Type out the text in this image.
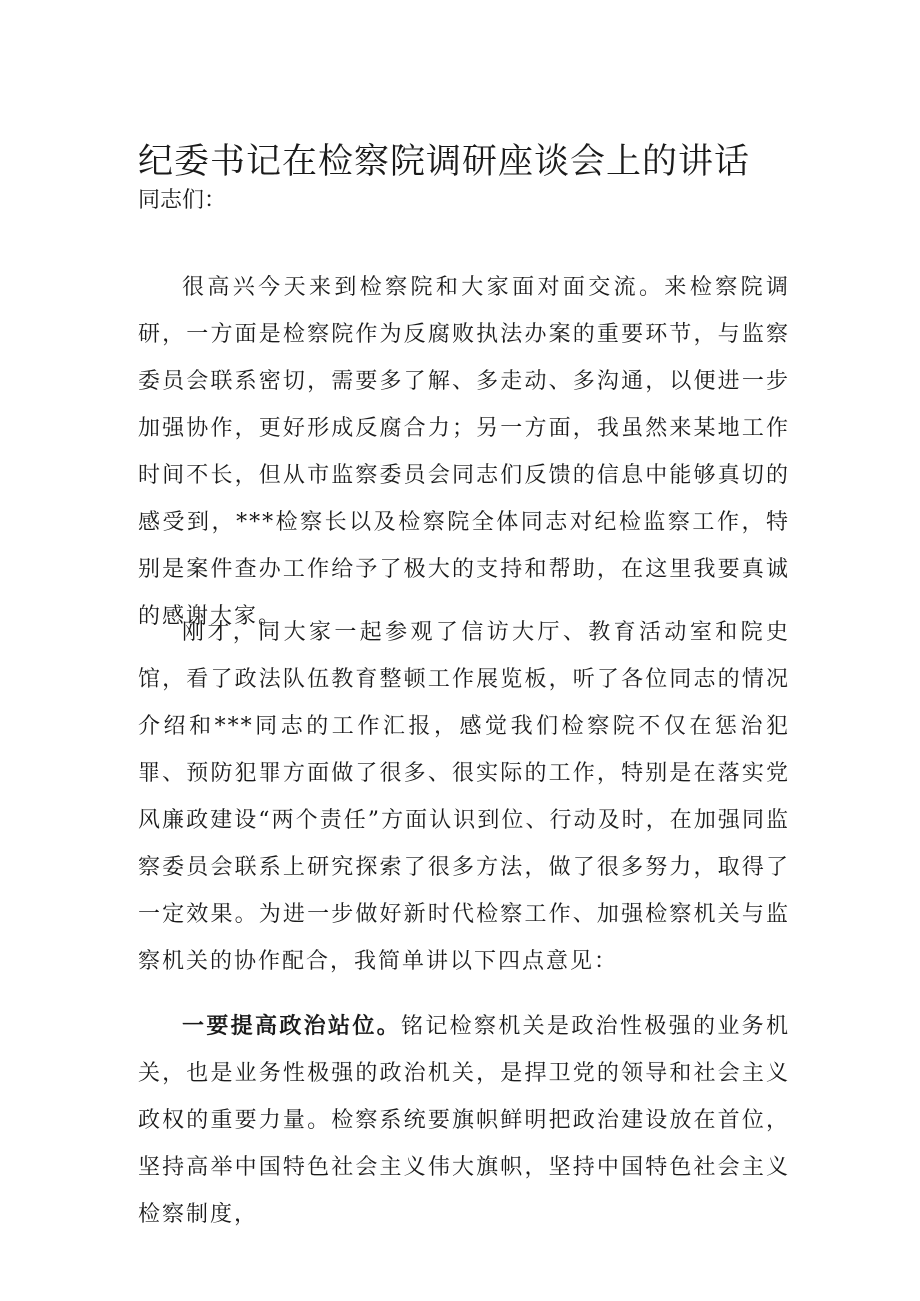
纪委书记在检察院调研座谈会上的讲话

同志们：

很高兴今天来到检察院和大家面对面交流。来检察院调研，一方面是检察院作为反腐败执法办案的重要环节，与监察委员会联系密切，需要多了解、多走动、多沟通，以便进一步加强协作，更好形成反腐合力；另一方面，我虽然来某地工作时间不长，但从市监察委员会同志们反馈的信息中能够真切的感受到，***检察长以及检察院全体同志对纪检监察工作，特别是案件查办工作给予了极大的支持和帮助，在这里我要真诚的感谢大家。

刚才，同大家一起参观了信访大厅、教育活动室和院史馆，看了政法队伍教育整顿工作展览板，听了各位同志的情况介绍和***同志的工作汇报，感觉我们检察院不仅在惩治犯罪、预防犯罪方面做了很多、很实际的工作，特别是在落实党风廉政建设“两个责任”方面认识到位、行动及时，在加强同监察委员会联系上研究探索了很多方法，做了很多努力，取得了一定效果。为进一步做好新时代检察工作、加强检察机关与监察机关的协作配合，我简单讲以下四点意见：

一要提高政治站位。铭记检察机关是政治性极强的业务机关，也是业务性极强的政治机关，是捍卫党的领导和社会主义政权的重要力量。检察系统要旗帜鲜明把政治建设放在首位，坚持高举中国特色社会主义伟大旗帜，坚持中国特色社会主义检察制度，
